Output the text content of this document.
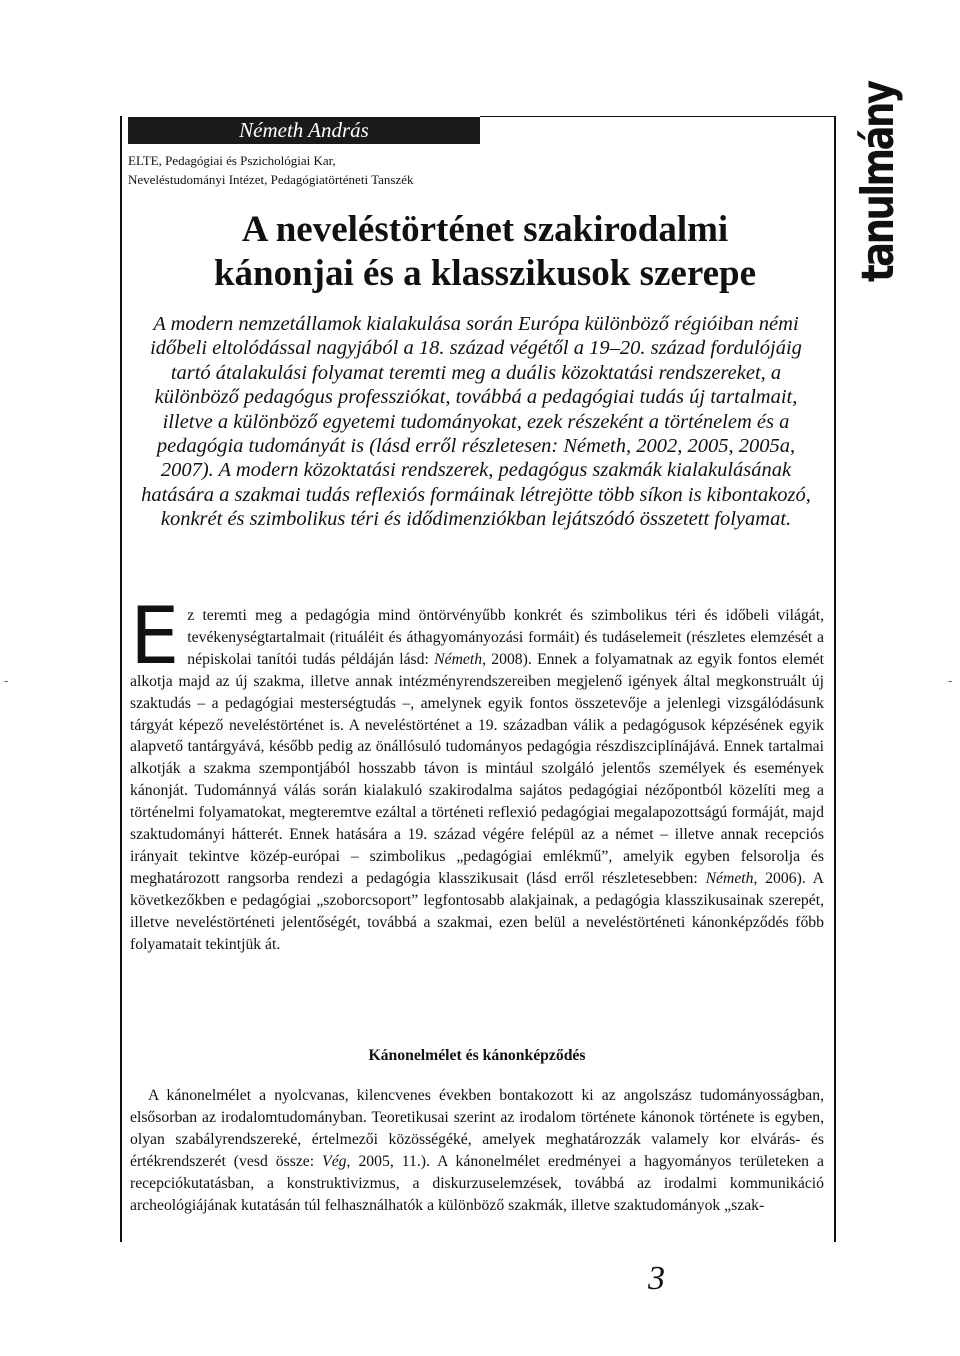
-	-
Németh András
ELTE, Pedagógiai és Pszichológiai Kar,
Neveléstudományi Intézet, Pedagógiatörténeti Tanszék	tanulmány
A neveléstörténet szakirodalmi
kánonjai és a klasszikusok szerepe
A modern nemzetállamok kialakulása során Európa különböző régióiban némi időbeli eltolódással nagyjából a 18. század végétől a 19–20. század fordulójáig tartó átalakulási folyamat teremti meg a duális közoktatási rendszereket, a különböző pedagógus professziókat, továbbá a pedagógiai tudás új tartalmait, illetve a különböző egyetemi tudományokat, ezek részeként a történelem és a pedagógia tudományát is (lásd erről részletesen: Németh, 2002, 2005, 2005a, 2007). A modern közoktatási rendszerek, pedagógus szakmák kialakulásának hatására a szakmai tudás reflexiós formáinak létrejötte több síkon is kibontakozó, konkrét és szimbolikus téri és idődimenziókban lejátszódó összetett folyamat.
Ez teremti meg a pedagógia mind öntörvényűbb konkrét és szimbolikus téri és időbeli világát, tevékenységtartalmait (rituáléit és áthagyományozási formáit) és tudáselemeit (részletes elemzését a népiskolai tanítói tudás példáján lásd: Németh, 2008). Ennek a folyamatnak az egyik fontos elemét alkotja majd az új szakma, illetve annak intézményrendszereiben megjelenő igények által megkonstruált új szaktudás – a pedagógiai mesterségtudás –, amelynek egyik fontos összetevője a jelenlegi vizsgálódásunk tárgyát képező neveléstörténet is. A neveléstörténet a 19. században válik a pedagógusok képzésének egyik alapvető tantárgyává, később pedig az önállósuló tudományos pedagógia részdiszciplínájává. Ennek tartalmai alkotják a szakma szempontjából hosszabb távon is mintául szolgáló jelentős személyek és események kánonját. Tudománnyá válás során kialakuló szakirodalma sajátos pedagógiai nézőpontból közelíti meg a történelmi folyamatokat, megteremtve ezáltal a történeti reflexió pedagógiai megalapozottságú formáját, majd szaktudományi hátterét. Ennek hatására a 19. század végére felépül az a német – illetve annak recepciós irányait tekintve közép-európai – szimbolikus „pedagógiai emlékmű”, amelyik egyben felsorolja és meghatározott rangsorba rendezi a pedagógia klasszikusait (lásd erről részletesebben: Németh, 2006). A következőkben e pedagógiai „szoborcsoport” legfontosabb alakjainak, a pedagógia klasszikusainak szerepét, illetve neveléstörténeti jelentőségét, továbbá a szakmai, ezen belül a neveléstörténeti kánonképződés főbb folyamatait tekintjük át.
Kánonelmélet és kánonképződés
A kánonelmélet a nyolcvanas, kilencvenes években bontakozott ki az angolszász tudományosságban, elsősorban az irodalomtudományban. Teoretikusai szerint az irodalom története kánonok története is egyben, olyan szabályrendszereké, értelmezői közösségéké, amelyek meghatározzák valamely kor elvárás- és értékrendszerét (vesd össze: Vég, 2005, 11.). A kánonelmélet eredményei a hagyományos területeken a recepciókutatásban, a konstruktivizmus, a diskurzuselemzések, továbbá az irodalmi kommunikáció archeológiájának kutatásán túl felhasználhatók a különböző szakmák, illetve szaktudományok „szak-
3
